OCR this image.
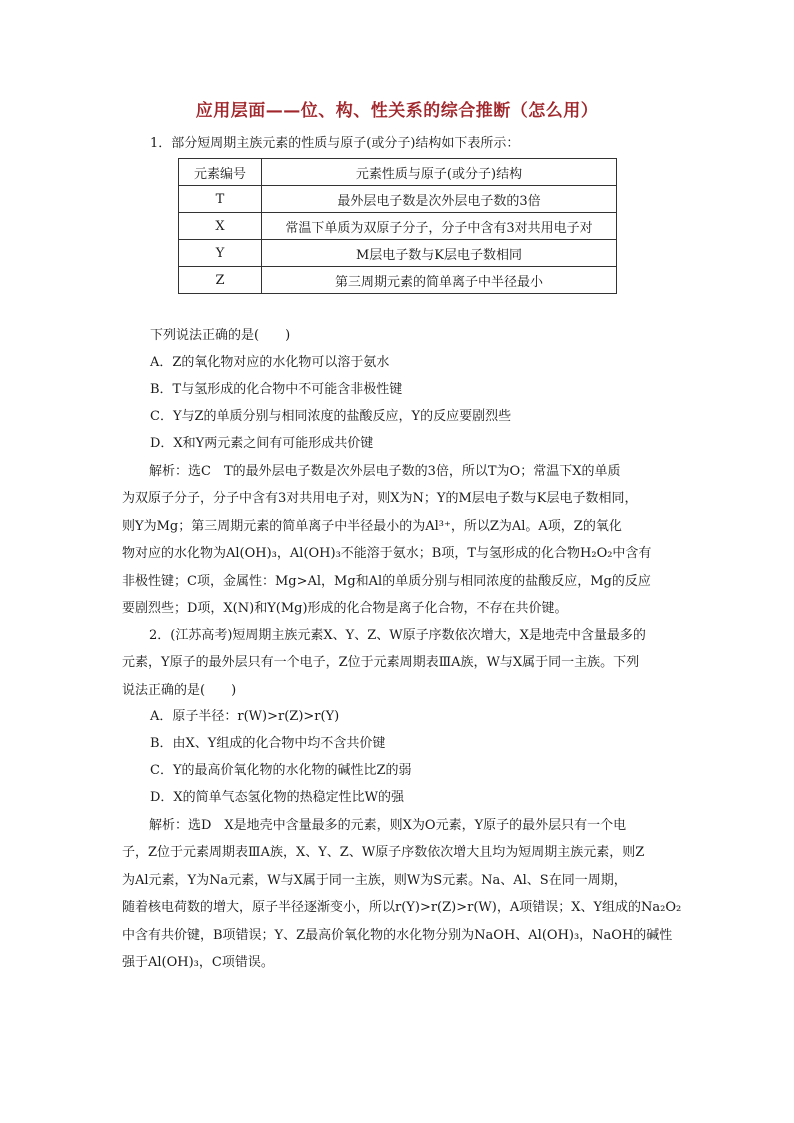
应用层面——位、构、性关系的综合推断（怎么用）
1．部分短周期主族元素的性质与原子(或分子)结构如下表所示：
元素编号	元素性质与原子(或分子)结构
T	最外层电子数是次外层电子数的3倍
X	常温下单质为双原子分子，分子中含有3对共用电子对
Y	M层电子数与K层电子数相同
Z	第三周期元素的简单离子中半径最小
下列说法正确的是(　　)
A．Z的氧化物对应的水化物可以溶于氨水
B．T与氢形成的化合物中不可能含非极性键
C．Y与Z的单质分别与相同浓度的盐酸反应，Y的反应要剧烈些
D．X和Y两元素之间有可能形成共价键
解析：选C　T的最外层电子数是次外层电子数的3倍，所以T为O；常温下X的单质
为双原子分子，分子中含有3对共用电子对，则X为N；Y的M层电子数与K层电子数相同，
则Y为Mg；第三周期元素的简单离子中半径最小的为Al³⁺，所以Z为Al。A项，Z的氧化
物对应的水化物为Al(OH)₃，Al(OH)₃不能溶于氨水；B项，T与氢形成的化合物H₂O₂中含有
非极性键；C项，金属性：Mg>Al，Mg和Al的单质分别与相同浓度的盐酸反应，Mg的反应
要剧烈些；D项，X(N)和Y(Mg)形成的化合物是离子化合物，不存在共价键。
2．(江苏高考)短周期主族元素X、Y、Z、W原子序数依次增大，X是地壳中含量最多的
元素，Y原子的最外层只有一个电子，Z位于元素周期表ⅢA族，W与X属于同一主族。下列
说法正确的是(　　)
A．原子半径：r(W)>r(Z)>r(Y)
B．由X、Y组成的化合物中均不含共价键
C．Y的最高价氧化物的水化物的碱性比Z的弱
D．X的简单气态氢化物的热稳定性比W的强
解析：选D　X是地壳中含量最多的元素，则X为O元素，Y原子的最外层只有一个电
子，Z位于元素周期表ⅢA族，X、Y、Z、W原子序数依次增大且均为短周期主族元素，则Z
为Al元素，Y为Na元素，W与X属于同一主族，则W为S元素。Na、Al、S在同一周期，
随着核电荷数的增大，原子半径逐渐变小，所以r(Y)>r(Z)>r(W)，A项错误；X、Y组成的Na₂O₂
中含有共价键，B项错误；Y、Z最高价氧化物的水化物分别为NaOH、Al(OH)₃，NaOH的碱性
强于Al(OH)₃，C项错误。
